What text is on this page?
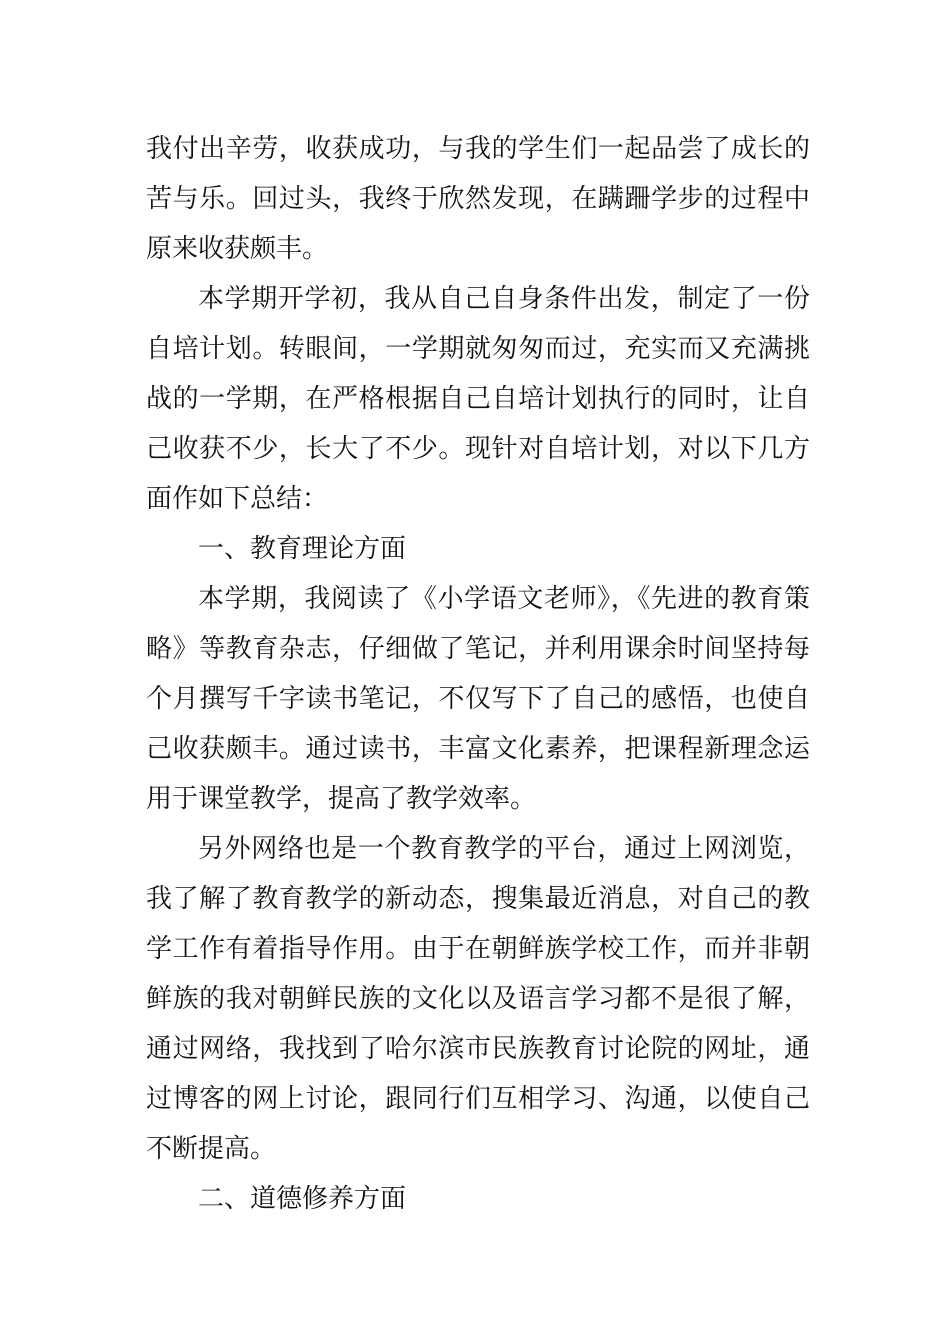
我付出辛劳，收获成功，与我的学生们一起品尝了成长的苦与乐。回过头，我终于欣然发现，在蹒跚学步的过程中原来收获颇丰。

本学期开学初，我从自己自身条件出发，制定了一份自培计划。转眼间，一学期就匆匆而过，充实而又充满挑战的一学期，在严格根据自己自培计划执行的同时，让自己收获不少，长大了不少。现针对自培计划，对以下几方面作如下总结：

一、教育理论方面

本学期，我阅读了《小学语文老师》，《先进的教育策略》等教育杂志，仔细做了笔记，并利用课余时间坚持每个月撰写千字读书笔记，不仅写下了自己的感悟，也使自己收获颇丰。通过读书，丰富文化素养，把课程新理念运用于课堂教学，提高了教学效率。

另外网络也是一个教育教学的平台，通过上网浏览，我了解了教育教学的新动态，搜集最近消息，对自己的教学工作有着指导作用。由于在朝鲜族学校工作，而并非朝鲜族的我对朝鲜民族的文化以及语言学习都不是很了解，通过网络，我找到了哈尔滨市民族教育讨论院的网址，通过博客的网上讨论，跟同行们互相学习、沟通，以使自己不断提高。

二、道德修养方面
